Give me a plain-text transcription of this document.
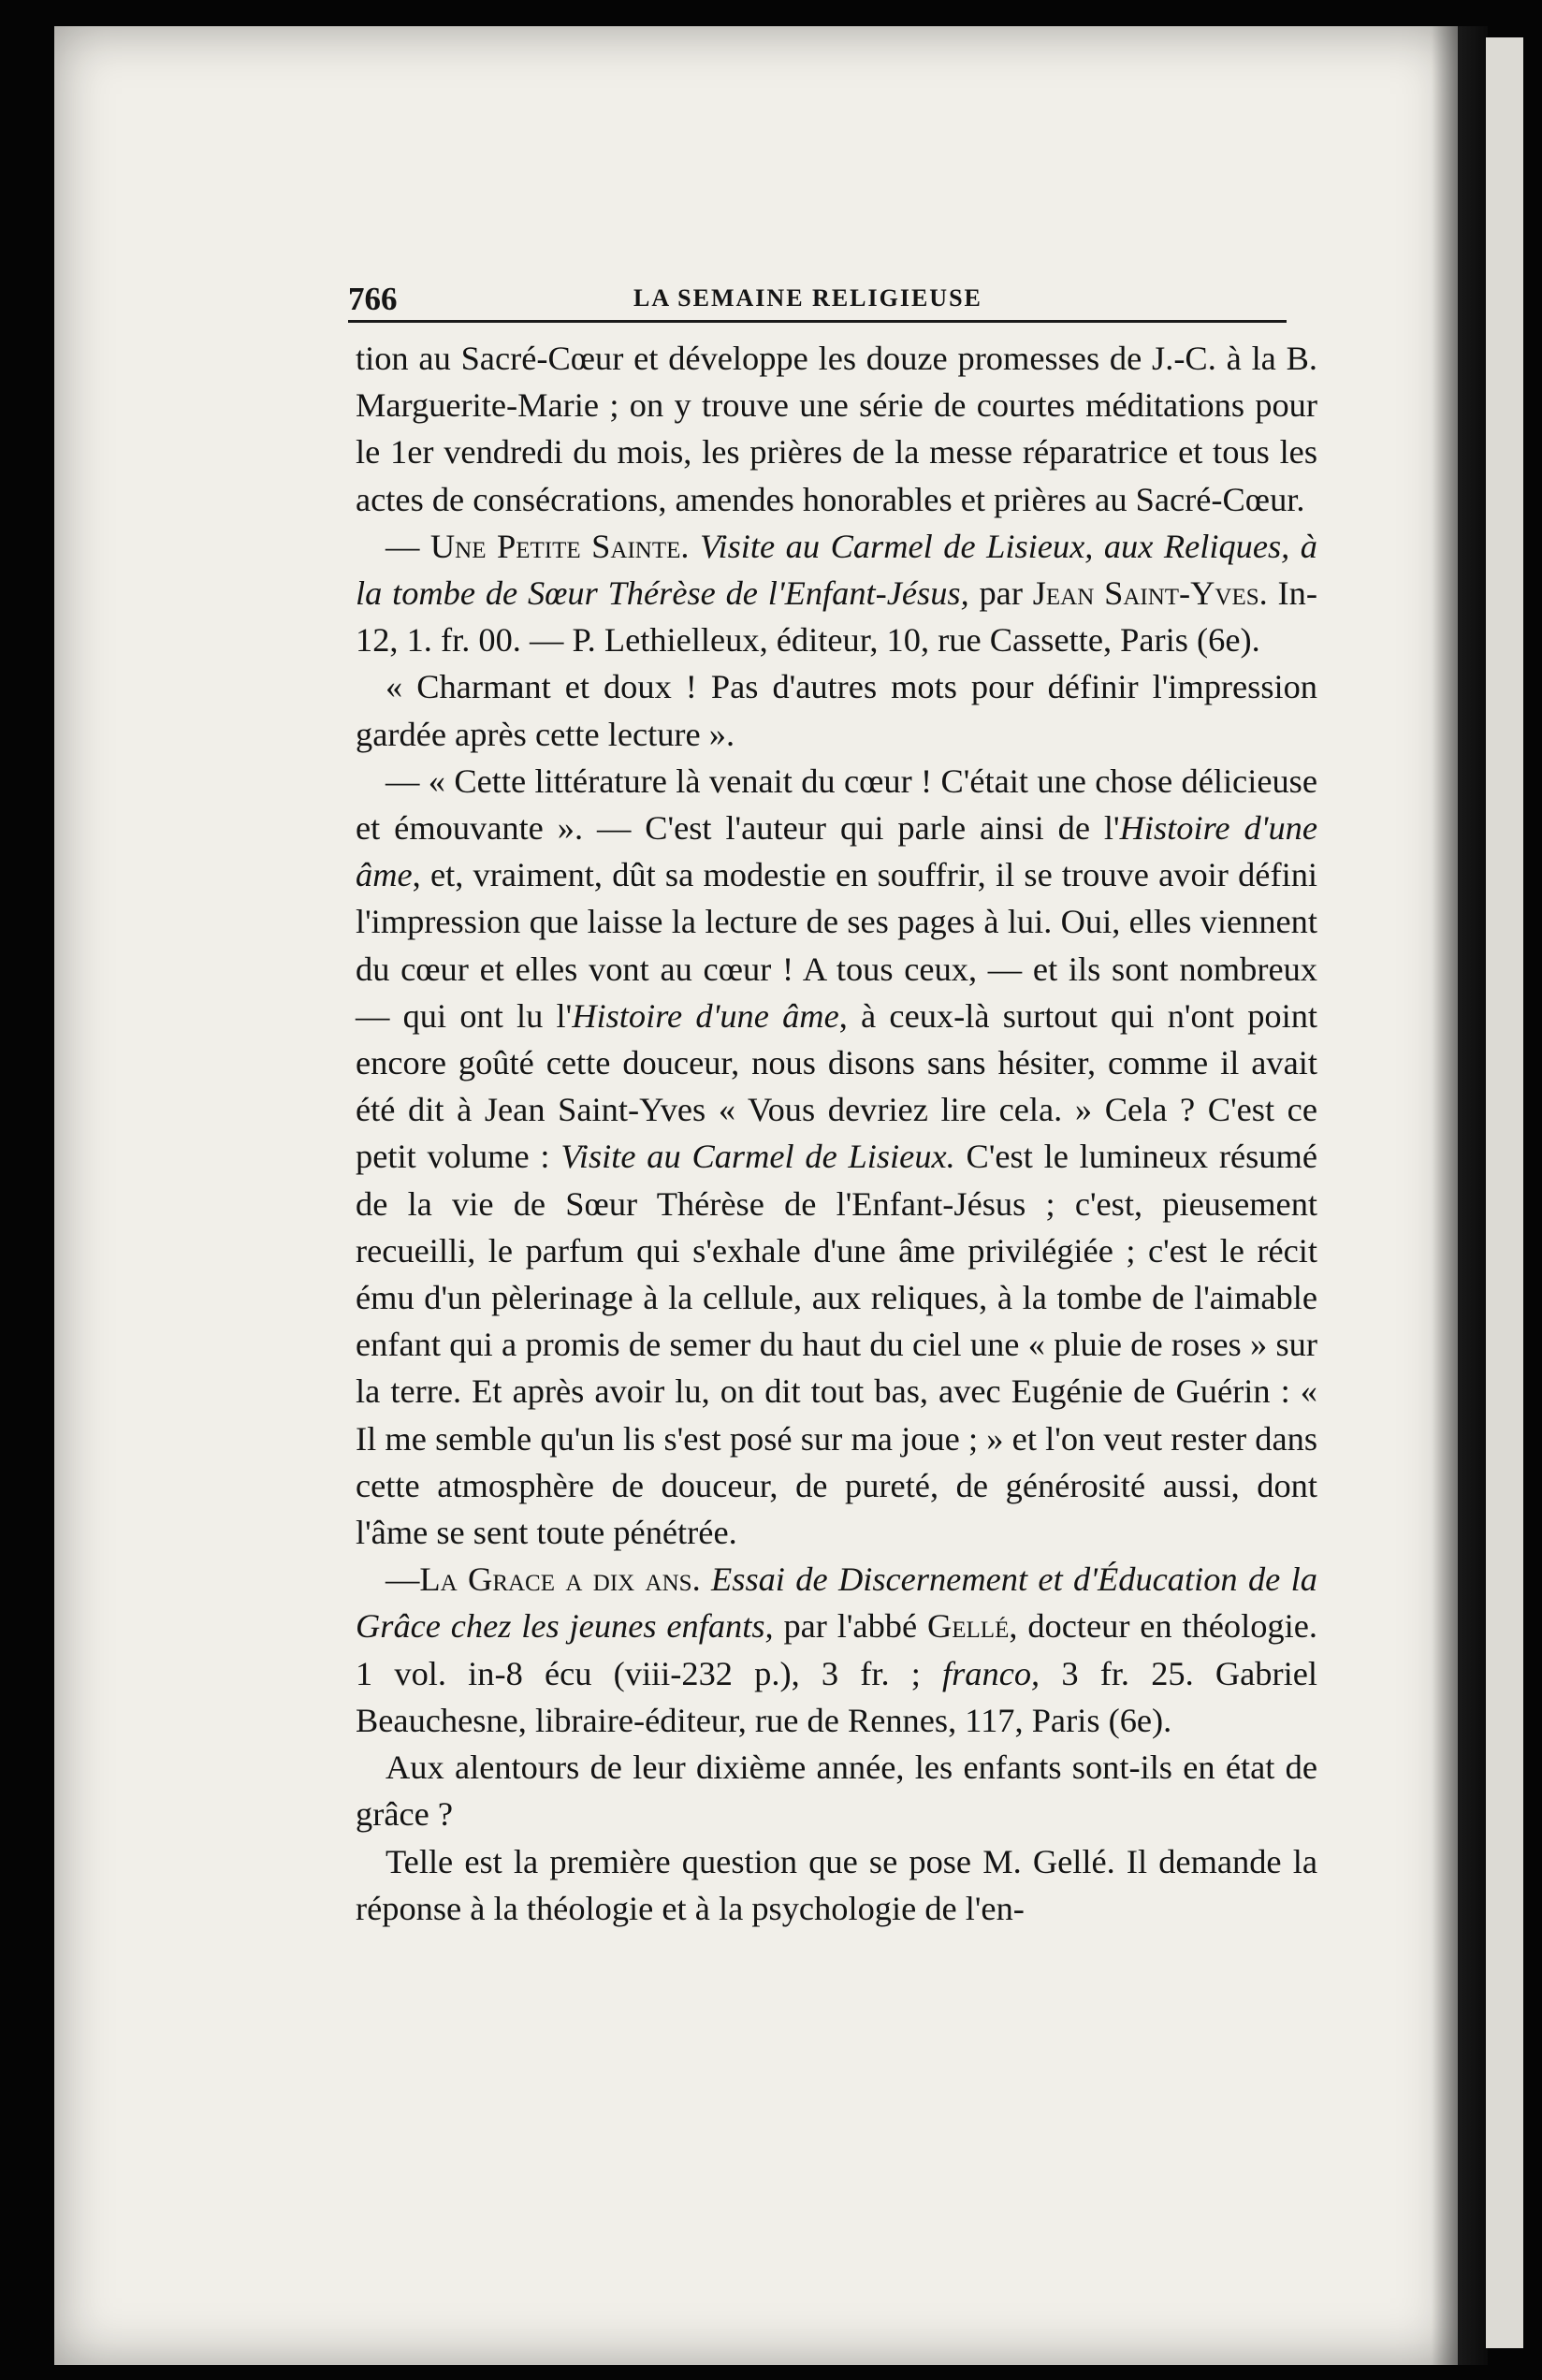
766	LA SEMAINE RELIGIEUSE

tion au Sacré-Cœur et développe les douze promesses de J.-C. à la B. Marguerite-Marie ; on y trouve une série de courtes méditations pour le 1er vendredi du mois, les prières de la messe réparatrice et tous les actes de consécrations, amendes honorables et prières au Sacré-Cœur.

— Une Petite Sainte. Visite au Carmel de Lisieux, aux Reliques, à la tombe de Sœur Thérèse de l'Enfant-Jésus, par Jean Saint-Yves. In-12, 1. fr. 00. — P. Lethielleux, éditeur, 10, rue Cassette, Paris (6e).

« Charmant et doux ! Pas d'autres mots pour définir l'impression gardée après cette lecture ».

— « Cette littérature là venait du cœur ! C'était une chose délicieuse et émouvante ». — C'est l'auteur qui parle ainsi de l'Histoire d'une âme, et, vraiment, dût sa modestie en souffrir, il se trouve avoir défini l'impression que laisse la lecture de ses pages à lui. Oui, elles viennent du cœur et elles vont au cœur ! A tous ceux, — et ils sont nombreux — qui ont lu l'Histoire d'une âme, à ceux-là surtout qui n'ont point encore goûté cette douceur, nous disons sans hésiter, comme il avait été dit à Jean Saint-Yves « Vous devriez lire cela. » Cela ? C'est ce petit volume : Visite au Carmel de Lisieux. C'est le lumineux résumé de la vie de Sœur Thérèse de l'Enfant-Jésus ; c'est, pieusement recueilli, le parfum qui s'exhale d'une âme privilégiée ; c'est le récit ému d'un pèlerinage à la cellule, aux reliques, à la tombe de l'aimable enfant qui a promis de semer du haut du ciel une « pluie de roses » sur la terre. Et après avoir lu, on dit tout bas, avec Eugénie de Guérin : « Il me semble qu'un lis s'est posé sur ma joue ; » et l'on veut rester dans cette atmosphère de douceur, de pureté, de générosité aussi, dont l'âme se sent toute pénétrée.

—La Grace a dix ans. Essai de Discernement et d'Éducation de la Grâce chez les jeunes enfants, par l'abbé Gellé, docteur en théologie. 1 vol. in-8 écu (viii-232 p.), 3 fr. ; franco, 3 fr. 25. Gabriel Beauchesne, libraire-éditeur, rue de Rennes, 117, Paris (6e).

Aux alentours de leur dixième année, les enfants sont-ils en état de grâce ?

Telle est la première question que se pose M. Gellé. Il demande la réponse à la théologie et à la psychologie de l'en-
